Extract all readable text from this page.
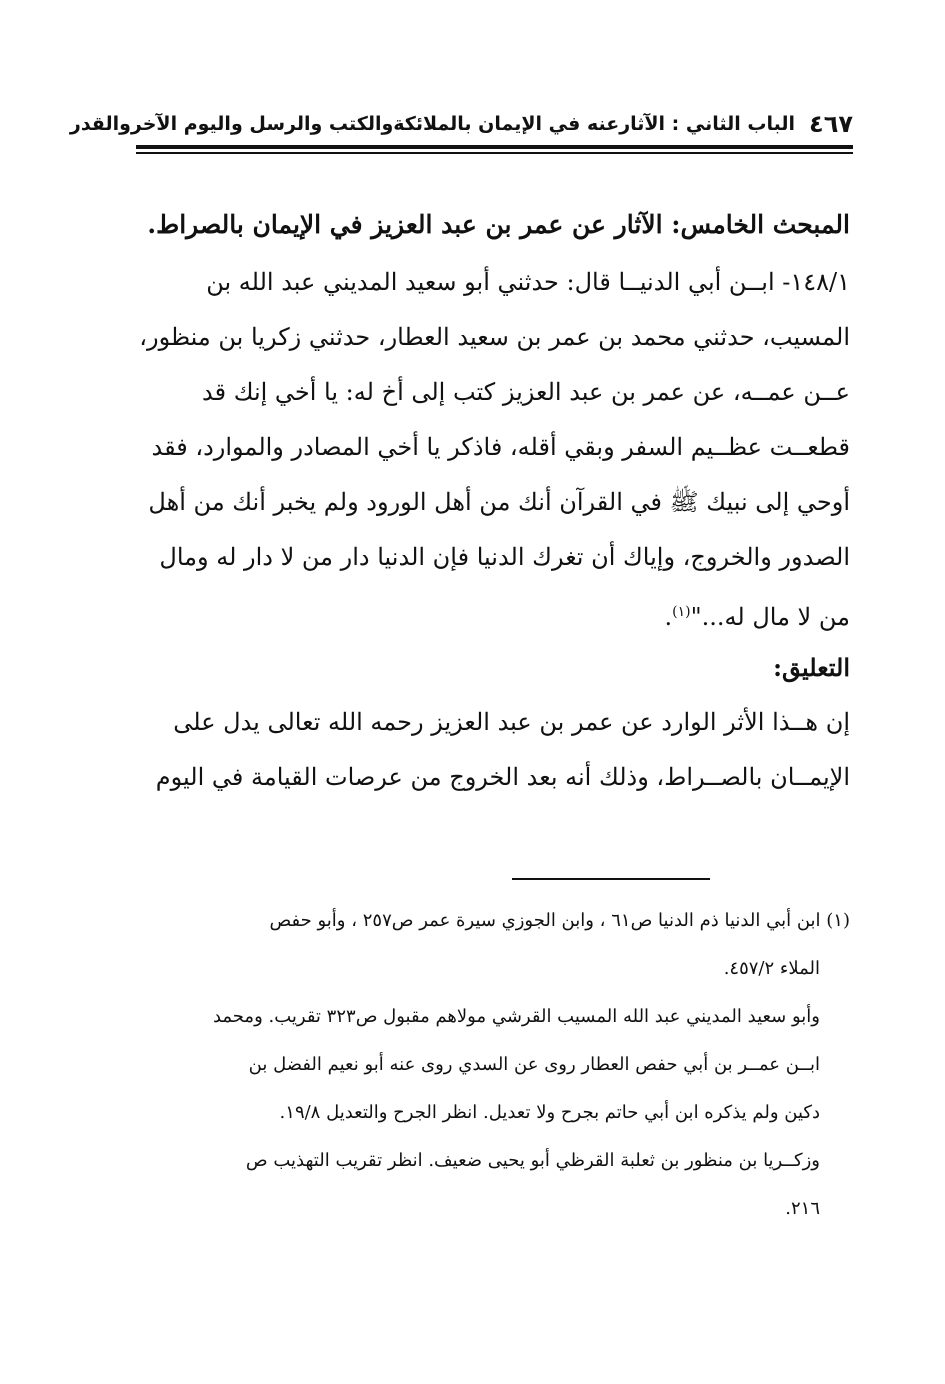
٤٦٧
الباب الثاني : الآثارعنه في الإيمان بالملائكةوالكتب والرسل واليوم الآخروالقدر
المبحث الخامس: الآثار عن عمر بن عبد العزيز في الإيمان بالصراط.
١٤٨/١- ابــن أبي الدنيــا قال: حدثني أبو سعيد المديني عبد الله بن
المسيب، حدثني محمد بن عمر بن سعيد العطار، حدثني زكريا بن منظور،
عــن عمــه، عن عمر بن عبد العزيز كتب إلى أخ له: يا أخي إنك قد
قطعــت عظــيم السفر وبقي أقله، فاذكر يا أخي المصادر والموارد، فقد
أوحي إلى نبيك ﷺ في القرآن أنك من أهل الورود ولم يخبر أنك من أهل
الصدور والخروج، وإياك أن تغرك الدنيا فإن الدنيا دار من لا دار له ومال
من لا مال له..."$^{(١)}$.
التعليق:
إن هــذا الأثر الوارد عن عمر بن عبد العزيز رحمه الله تعالى يدل على
الإيمــان بالصــراط، وذلك أنه بعد الخروج من عرصات القيامة في اليوم
(١) ابن أبي الدنيا ذم الدنيا ص٦١ ، وابن الجوزي سيرة عمر ص٢٥٧ ، وأبو حفص
الملاء ٤٥٧/٢.
وأبو سعيد المديني عبد الله المسيب القرشي مولاهم مقبول ص٣٢٣ تقريب. ومحمد
ابــن عمــر بن أبي حفص العطار روى عن السدي روى عنه أبو نعيم الفضل بن
دكين ولم يذكره ابن أبي حاتم بجرح ولا تعديل. انظر الجرح والتعديل ١٩/٨.
وزكــريا بن منظور بن ثعلبة القرظي أبو يحيى ضعيف. انظر تقريب التهذيب ص
٢١٦.
